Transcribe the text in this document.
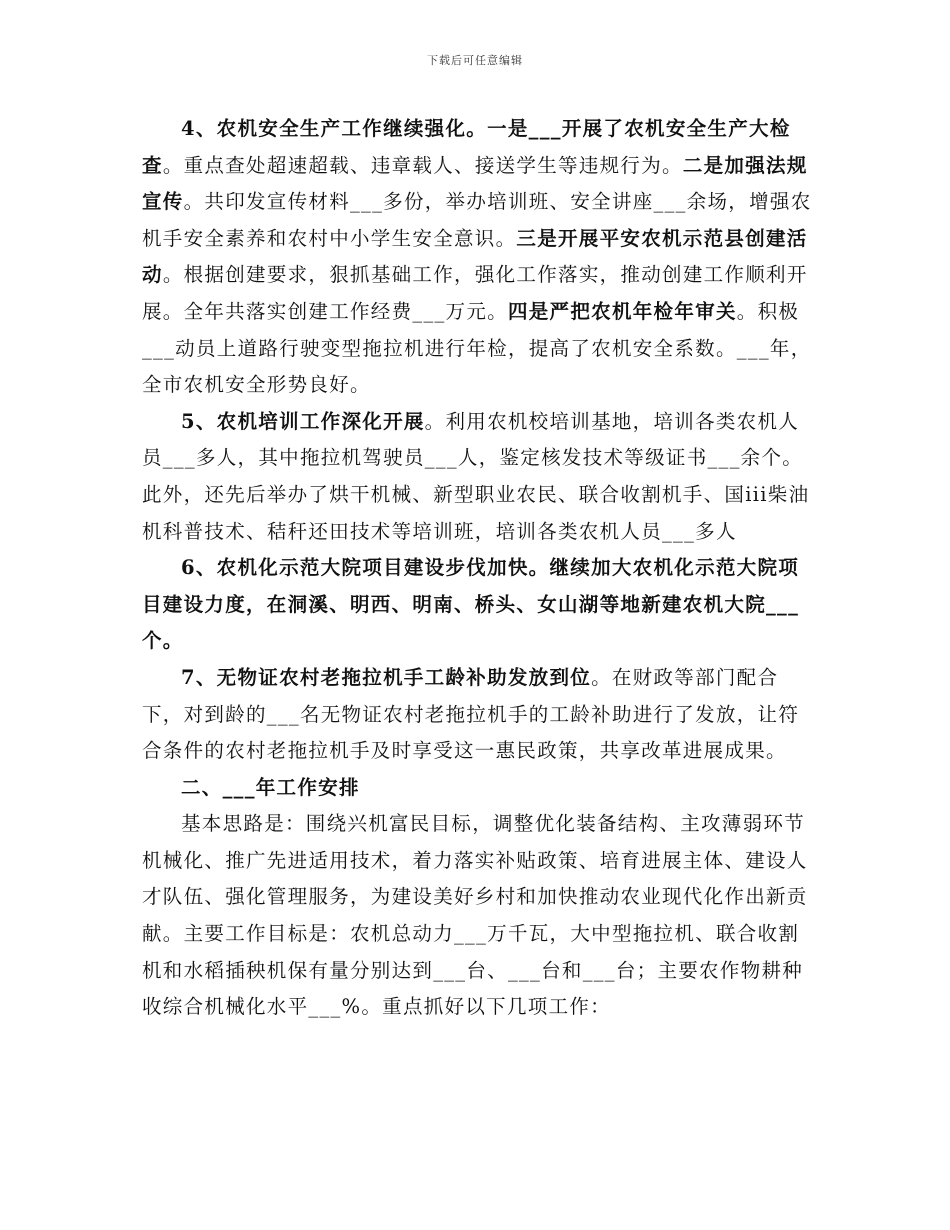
下载后可任意编辑

4、农机安全生产工作继续强化。一是___开展了农机安全生产大检查。重点查处超速超载、违章载人、接送学生等违规行为。二是加强法规宣传。共印发宣传材料___多份，举办培训班、安全讲座___余场，增强农机手安全素养和农村中小学生安全意识。三是开展平安农机示范县创建活动。根据创建要求，狠抓基础工作，强化工作落实，推动创建工作顺利开展。全年共落实创建工作经费___万元。四是严把农机年检年审关。积极___动员上道路行驶变型拖拉机进行年检，提高了农机安全系数。___年，全市农机安全形势良好。

5、农机培训工作深化开展。利用农机校培训基地，培训各类农机人员___多人，其中拖拉机驾驶员___人，鉴定核发技术等级证书___余个。此外，还先后举办了烘干机械、新型职业农民、联合收割机手、国iii柴油机科普技术、秸秆还田技术等培训班，培训各类农机人员___多人

6、农机化示范大院项目建设步伐加快。继续加大农机化示范大院项目建设力度，在洞溪、明西、明南、桥头、女山湖等地新建农机大院___个。

7、无物证农村老拖拉机手工龄补助发放到位。在财政等部门配合下，对到龄的___名无物证农村老拖拉机手的工龄补助进行了发放，让符合条件的农村老拖拉机手及时享受这一惠民政策，共享改革进展成果。

二、___年工作安排

基本思路是：围绕兴机富民目标，调整优化装备结构、主攻薄弱环节机械化、推广先进适用技术，着力落实补贴政策、培育进展主体、建设人才队伍、强化管理服务，为建设美好乡村和加快推动农业现代化作出新贡献。主要工作目标是：农机总动力___万千瓦，大中型拖拉机、联合收割机和水稻插秧机保有量分别达到___台、___台和___台；主要农作物耕种收综合机械化水平___%。重点抓好以下几项工作：
